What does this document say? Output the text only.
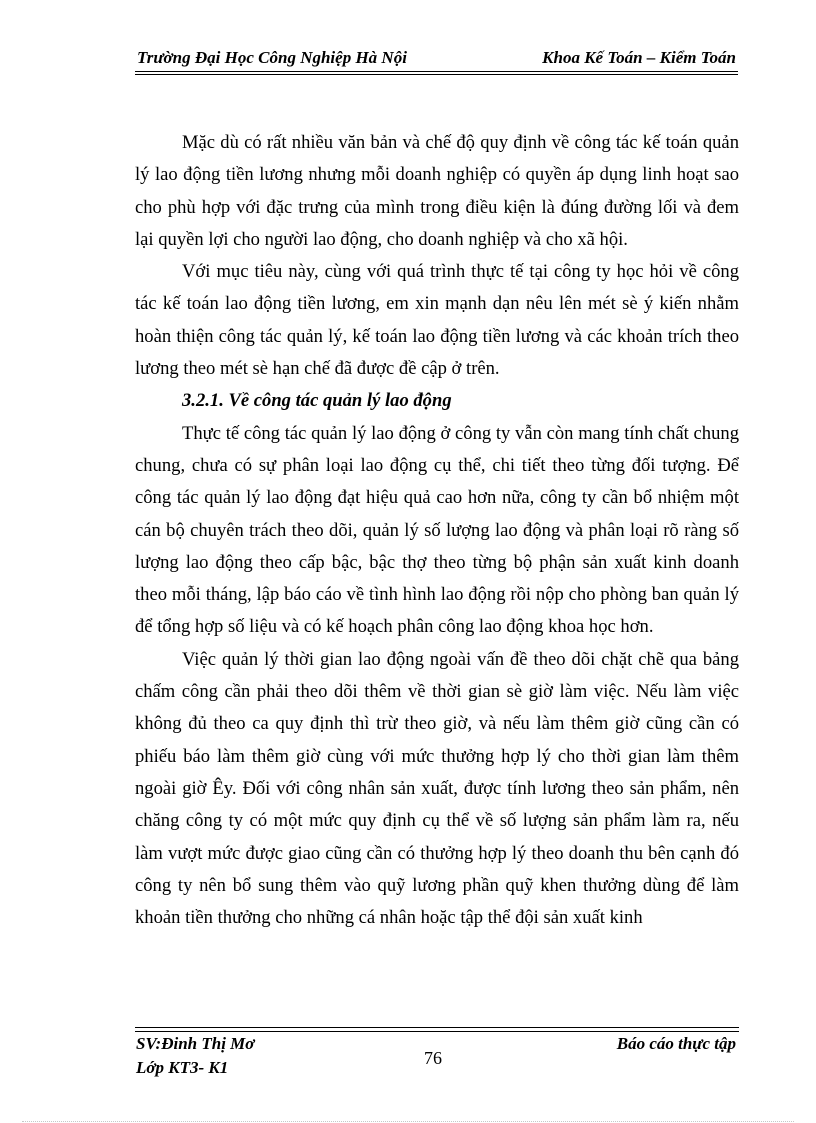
Trường Đại Học Công Nghiệp Hà Nội	Khoa Kế Toán – Kiểm Toán

Mặc dù có rất nhiều văn bản và chế độ quy định về công tác kế toán quản lý lao động tiền lương nhưng mỗi doanh nghiệp có quyền áp dụng linh hoạt sao cho phù hợp với đặc trưng của mình trong điều kiện là đúng đường lối và đem lại quyền lợi cho người lao động, cho doanh nghiệp và cho xã hội.

Với mục tiêu này, cùng với quá trình thực tế tại công ty học hỏi về công tác kế toán lao động tiền lương, em xin mạnh dạn nêu lên mét sè ý kiến nhằm hoàn thiện công tác quản lý, kế toán lao động tiền lương và các khoản trích theo lương theo mét sè hạn chế đã được đề cập ở trên.

3.2.1. Về công tác quản lý lao động

Thực tế công tác quản lý lao động ở công ty vẫn còn mang tính chất chung chung, chưa có sự phân loại lao động cụ thể, chi tiết theo từng đối tượng. Để công tác quản lý lao động đạt hiệu quả cao hơn nữa, công ty cần bổ nhiệm một cán bộ chuyên trách theo dõi, quản lý số lượng lao động và phân loại rõ ràng số lượng lao động theo cấp bậc, bậc thợ theo từng bộ phận sản xuất kinh doanh theo mỗi tháng, lập báo cáo về tình hình lao động rồi nộp cho phòng ban quản lý để tổng hợp số liệu và có kế hoạch phân công lao động khoa học hơn.

Việc quản lý thời gian lao động ngoài vấn đề theo dõi chặt chẽ qua bảng chấm công cần phải theo dõi thêm về thời gian sè giờ làm việc. Nếu làm việc không đủ theo ca quy định thì trừ theo giờ, và nếu làm thêm giờ cũng cần có phiếu báo làm thêm giờ cùng với mức thưởng hợp lý cho thời gian làm thêm ngoài giờ Êy. Đối với công nhân sản xuất, được tính lương theo sản phẩm, nên chăng công ty có một mức quy định cụ thể về số lượng sản phẩm làm ra, nếu làm vượt mức được giao cũng cần có thưởng hợp lý theo doanh thu bên cạnh đó công ty nên bổ sung thêm vào quỹ lương phần quỹ khen thưởng dùng để làm khoản tiền thưởng cho những cá nhân hoặc tập thể đội sản xuất kinh

SV:Đinh Thị Mơ
Lớp KT3- K1	76
Báo cáo thực tập
